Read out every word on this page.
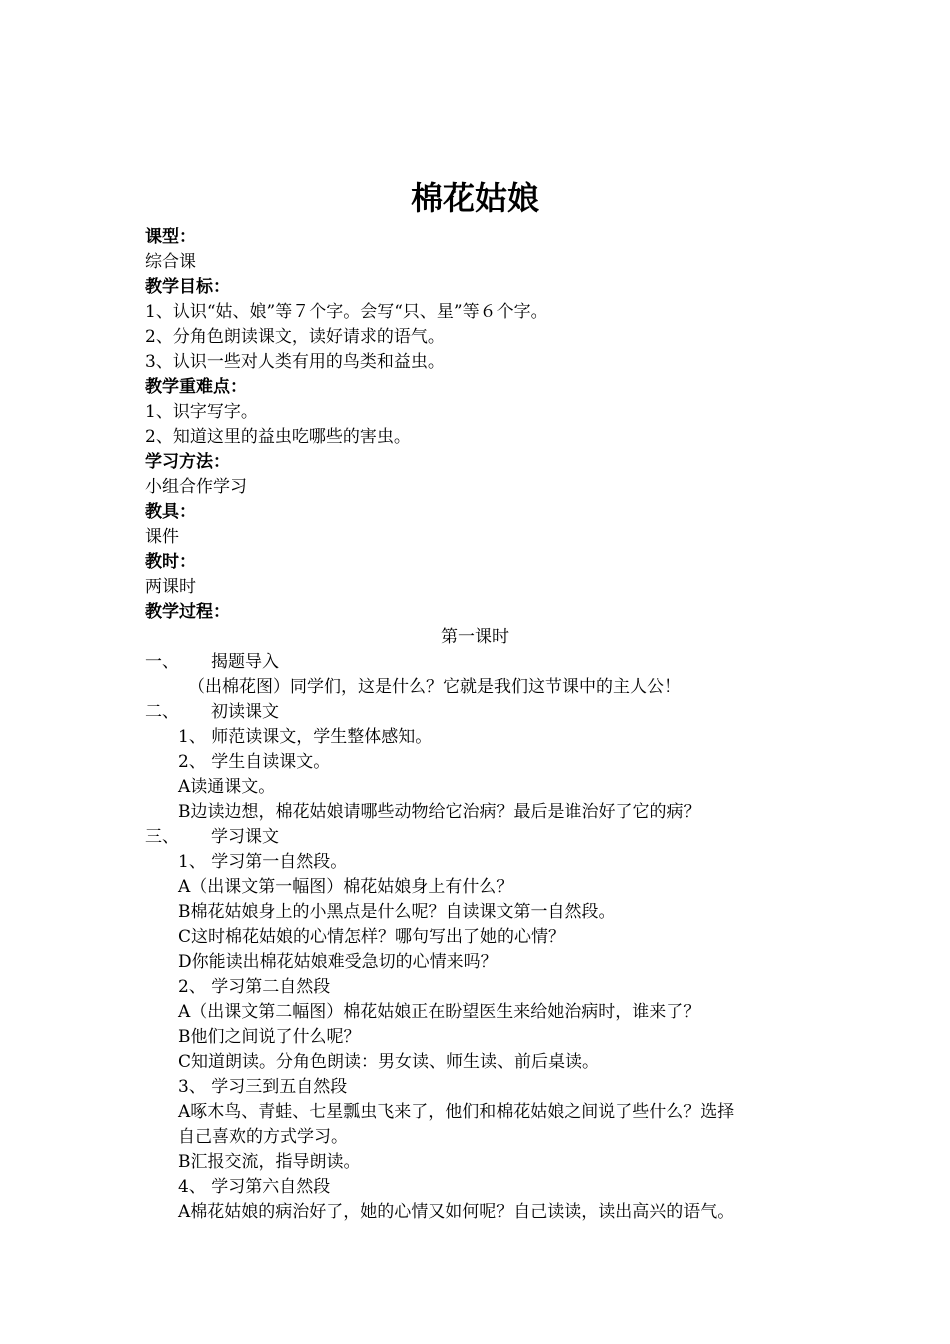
棉花姑娘
课型：
综合课
教学目标：
1、认识“姑、娘”等７个字。会写“只、星”等６个字。
2、分角色朗读课文，读好请求的语气。
3、认识一些对人类有用的鸟类和益虫。
教学重难点：
1、识字写字。
2、知道这里的益虫吃哪些的害虫。
学习方法：
小组合作学习
教具：
课件
教时：
两课时
教学过程：
第一课时
一、 揭题导入
（出棉花图）同学们，这是什么？它就是我们这节课中的主人公！
二、 初读课文
1、 师范读课文，学生整体感知。
2、 学生自读课文。
A读通课文。
B边读边想，棉花姑娘请哪些动物给它治病？最后是谁治好了它的病？
三、 学习课文
1、 学习第一自然段。
A（出课文第一幅图）棉花姑娘身上有什么？
B棉花姑娘身上的小黑点是什么呢？自读课文第一自然段。
C这时棉花姑娘的心情怎样？哪句写出了她的心情？
D你能读出棉花姑娘难受急切的心情来吗？
2、 学习第二自然段
A（出课文第二幅图）棉花姑娘正在盼望医生来给她治病时，谁来了？
B他们之间说了什么呢？
C知道朗读。分角色朗读：男女读、师生读、前后桌读。
3、 学习三到五自然段
A啄木鸟、青蛙、七星瓢虫飞来了，他们和棉花姑娘之间说了些什么？选择
自己喜欢的方式学习。
B汇报交流，指导朗读。
4、 学习第六自然段
A棉花姑娘的病治好了，她的心情又如何呢？自己读读，读出高兴的语气。
